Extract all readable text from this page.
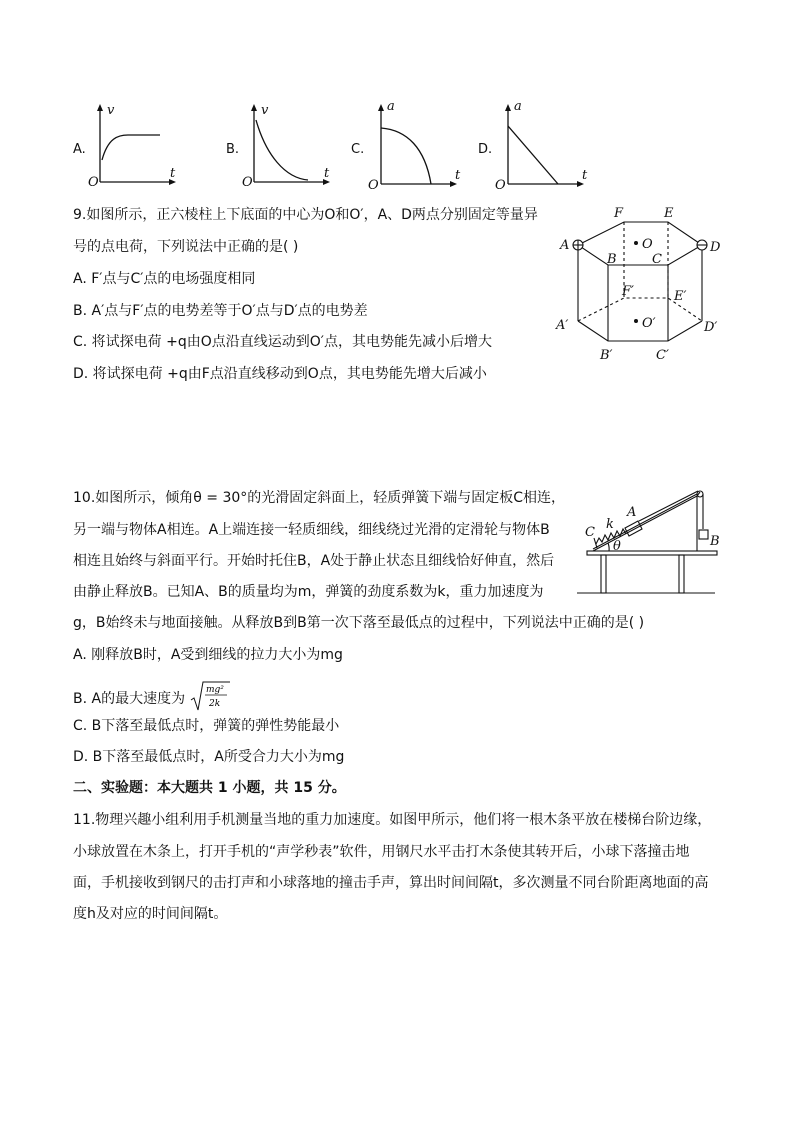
A.
v
t
O
B.
v
t
O
C.
a
t
O
D.
a
t
O
9.如图所示，正六棱柱上下底面的中心为O和O′，A、D两点分别固定等量异
号的点电荷，下列说法中正确的是( )
A. F′点与C′点的电场强度相同
B. A′点与F′点的电势差等于O′点与D′点的电势差
C. 将试探电荷 +q由O点沿直线运动到O′点，其电势能先减小后增大
D. 将试探电荷 +q由F点沿直线移动到O点，其电势能先增大后减小
A
B	C
D
E
F
O
A′
B′	C′
D′
E′
F′
O′
10.如图所示，倾角θ = 30°的光滑固定斜面上，轻质弹簧下端与固定板C相连，
另一端与物体A相连。A上端连接一轻质细线，细线绕过光滑的定滑轮与物体B
相连且始终与斜面平行。开始时托住B，A处于静止状态且细线恰好伸直，然后
由静止释放B。已知A、B的质量均为m，弹簧的劲度系数为k，重力加速度为
g，B始终未与地面接触。从释放B到B第一次下落至最低点的过程中，下列说法中正确的是( )
A. 刚释放B时，A受到细线的拉力大小为mg
B. A的最大速度为
mg²
2k
C. B下落至最低点时，弹簧的弹性势能最小
D. B下落至最低点时，A所受合力大小为mg
C
k
A
B
θ
二、实验题：本大题共 1 小题，共 15 分。
11.物理兴趣小组利用手机测量当地的重力加速度。如图甲所示，他们将一根木条平放在楼梯台阶边缘，
小球放置在木条上，打开手机的“声学秒表”软件，用钢尺水平击打木条使其转开后，小球下落撞击地
面，手机接收到钢尺的击打声和小球落地的撞击手声，算出时间间隔t，多次测量不同台阶距离地面的高
度h及对应的时间间隔t。
